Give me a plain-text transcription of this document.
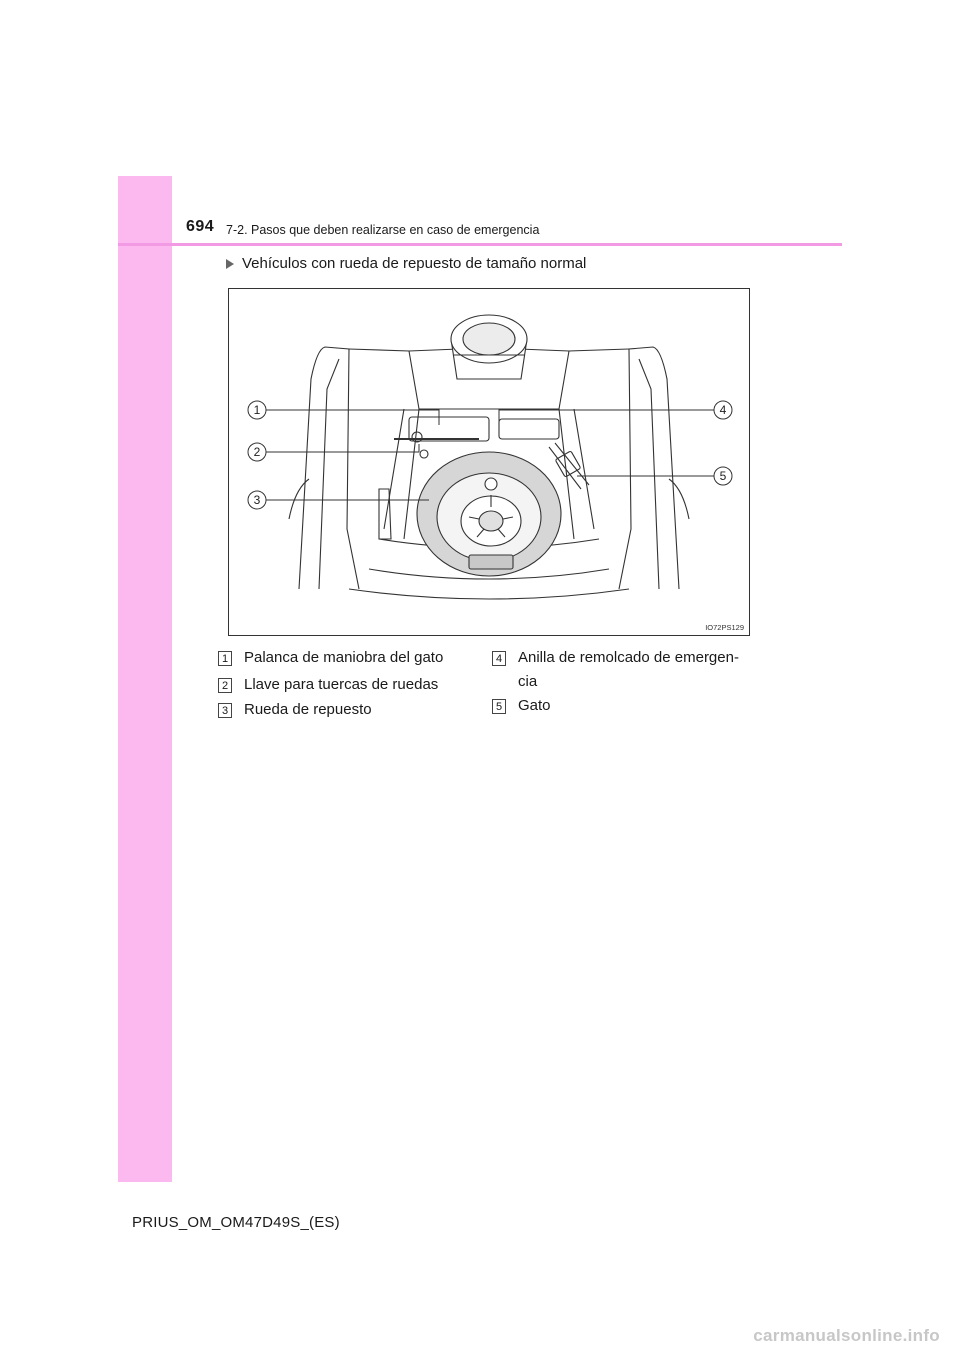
694 7-2. Pasos que deben realizarse en caso de emergencia
Vehículos con rueda de repuesto de tamaño normal
1
2
3
4
5
IO72PS129
1 Palanca de maniobra del gato
2 Llave para tuercas de ruedas
3 Rueda de repuesto
4 Anilla de remolcado de emergen-cia
5 Gato
PRIUS_OM_OM47D49S_(ES)
carmanualsonline.info
